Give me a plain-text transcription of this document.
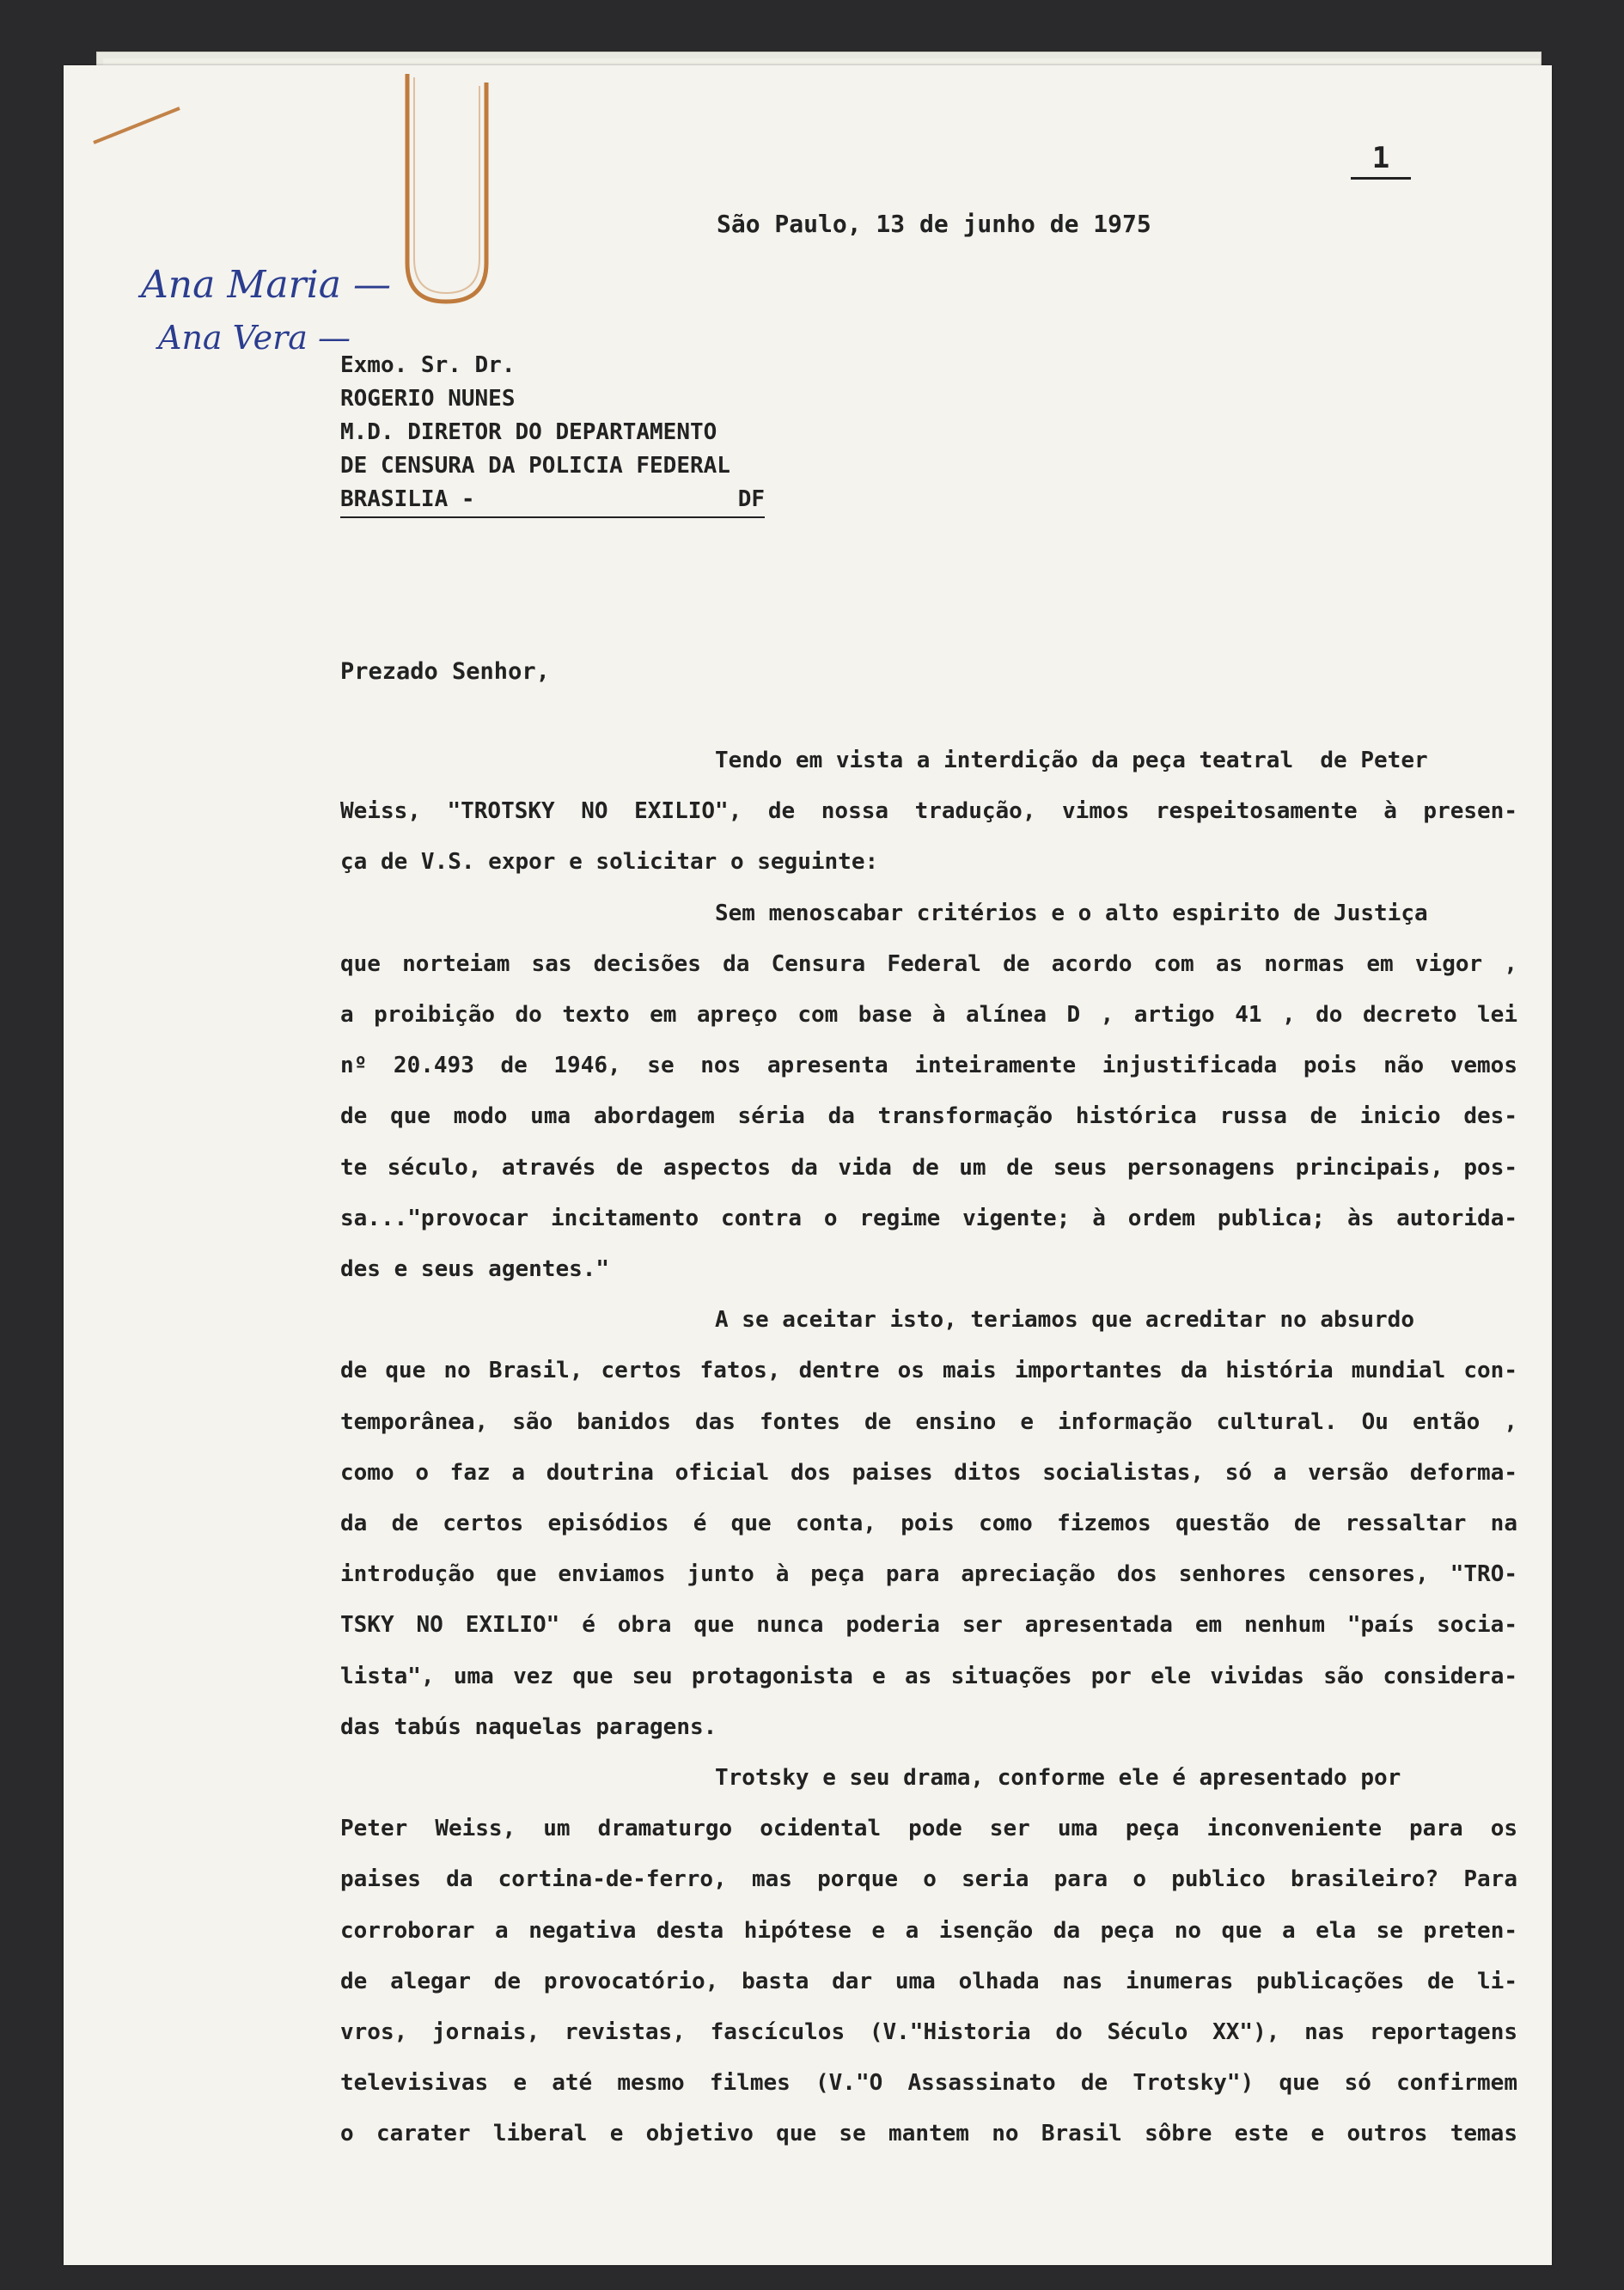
1
São Paulo, 13 de junho de 1975
Ana Maria —
Ana Vera —
Exmo. Sr. Dr.
ROGERIO NUNES
M.D. DIRETOR DO DEPARTAMENTO
DE CENSURA DA POLICIA FEDERAL
BRASILIA -	DF
Prezado Senhor,
Tendo em vista a interdição da peça teatral  de Peter
Weiss, "TROTSKY NO EXILIO", de nossa tradução, vimos respeitosamente à presen-
ça de V.S. expor e solicitar o seguinte:
Sem menoscabar critérios e o alto espirito de Justiça
que norteiam sas decisões da Censura Federal de acordo com as normas em vigor ,
a proibição do texto em apreço com base à alínea D , artigo 41 , do decreto lei
nº 20.493 de 1946, se nos apresenta inteiramente injustificada pois não vemos
de que modo uma abordagem séria da transformação histórica russa de inicio des-
te século, através de aspectos da vida de um de seus personagens principais, pos-
sa..."provocar incitamento contra o regime vigente; à ordem publica; às autorida-
des e seus agentes."
A se aceitar isto, teriamos que acreditar no absurdo
de que no Brasil, certos fatos, dentre os mais importantes da história mundial con-
temporânea, são banidos das fontes de ensino e informação cultural. Ou então ,
como o faz a doutrina oficial dos paises ditos socialistas, só a versão deforma-
da de certos episódios é que conta, pois como fizemos questão de ressaltar na
introdução que enviamos junto à peça para apreciação dos senhores censores, "TRO-
TSKY NO EXILIO" é obra que nunca poderia ser apresentada em nenhum "país socia-
lista", uma vez que seu protagonista e as situações por ele vividas são considera-
das tabús naquelas paragens.
Trotsky e seu drama, conforme ele é apresentado por
Peter Weiss, um dramaturgo ocidental pode ser uma peça inconveniente para os
paises da cortina-de-ferro, mas porque o seria para o publico brasileiro? Para
corroborar a negativa desta hipótese e a isenção da peça no que a ela se preten-
de alegar de provocatório, basta dar uma olhada nas inumeras publicações de li-
vros, jornais, revistas, fascículos (V."Historia do Século XX"), nas reportagens
televisivas e até mesmo filmes (V."O Assassinato de Trotsky") que só confirmem
o carater liberal e objetivo que se mantem no Brasil sôbre este e outros temas
